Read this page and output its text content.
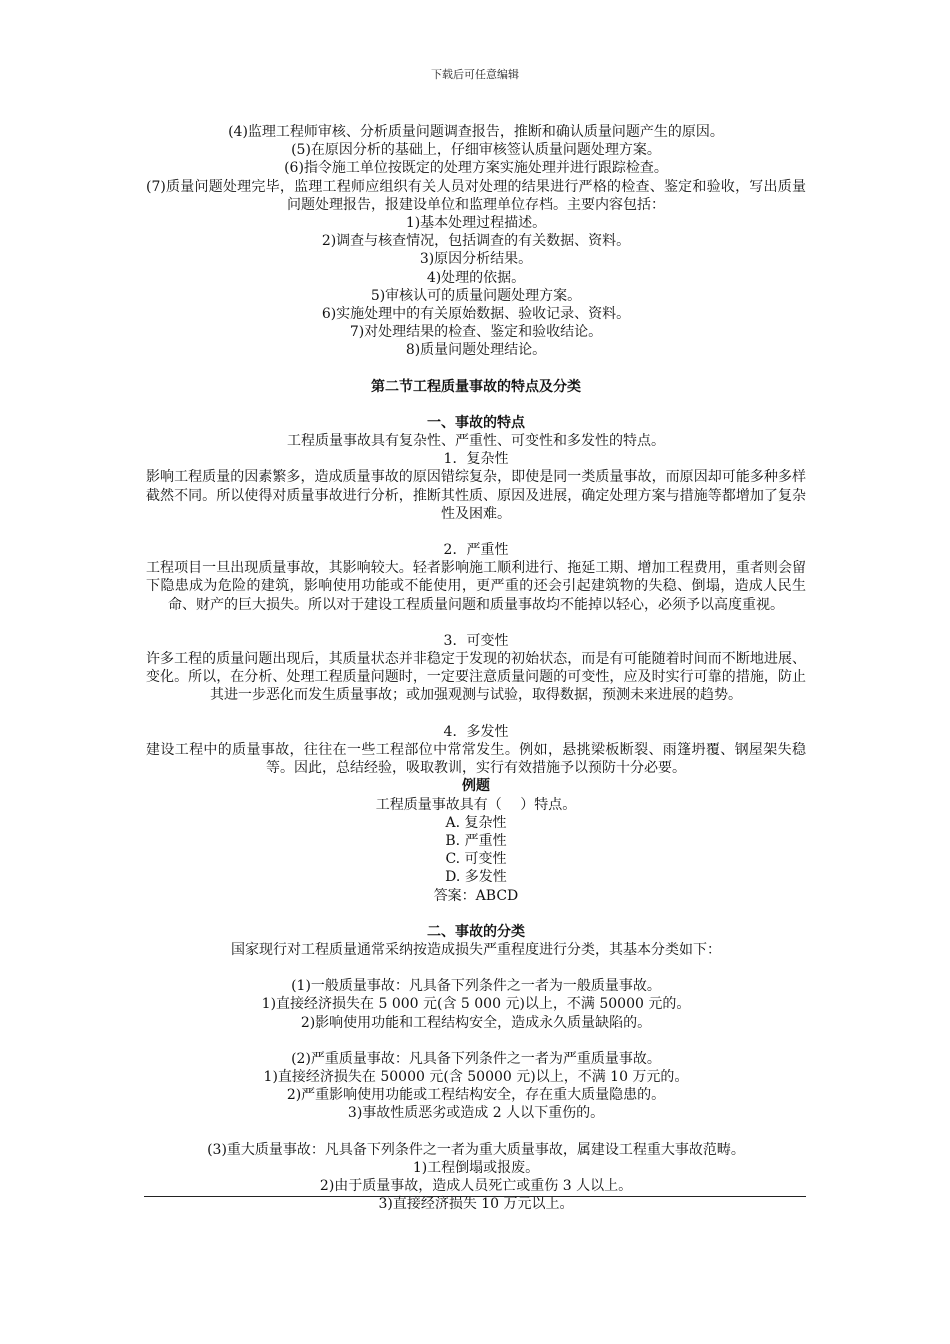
下载后可任意编辑

(4)监理工程师审核、分析质量问题调查报告，推断和确认质量问题产生的原因。

(5)在原因分析的基础上，仔细审核签认质量问题处理方案。

(6)指令施工单位按既定的处理方案实施处理并进行跟踪检查。

(7)质量问题处理完毕，监理工程师应组织有关人员对处理的结果进行严格的检查、鉴定和验收，写出质量问题处理报告，报建设单位和监理单位存档。主要内容包括：

1)基本处理过程描述。

2)调查与核查情况，包括调查的有关数据、资料。

3)原因分析结果。

4)处理的依据。

5)审核认可的质量问题处理方案。

6)实施处理中的有关原始数据、验收记录、资料。

7)对处理结果的检查、鉴定和验收结论。

8)质量问题处理结论。

第二节工程质量事故的特点及分类

一、事故的特点

工程质量事故具有复杂性、严重性、可变性和多发性的特点。

1．复杂性

影响工程质量的因素繁多，造成质量事故的原因错综复杂，即使是同一类质量事故，而原因却可能多种多样截然不同。所以使得对质量事故进行分析，推断其性质、原因及进展，确定处理方案与措施等都增加了复杂性及困难。

2．严重性

工程项目一旦出现质量事故，其影响较大。轻者影响施工顺利进行、拖延工期、增加工程费用，重者则会留下隐患成为危险的建筑，影响使用功能或不能使用，更严重的还会引起建筑物的失稳、倒塌，造成人民生命、财产的巨大损失。所以对于建设工程质量问题和质量事故均不能掉以轻心，必须予以高度重视。

3．可变性

许多工程的质量问题出现后，其质量状态并非稳定于发现的初始状态，而是有可能随着时间而不断地进展、变化。所以，在分析、处理工程质量问题时，一定要注意质量问题的可变性，应及时实行可靠的措施，防止其进一步恶化而发生质量事故；或加强观测与试验，取得数据，预测未来进展的趋势。

4．多发性

建设工程中的质量事故，往往在一些工程部位中常常发生。例如，悬挑梁板断裂、雨篷坍覆、钢屋架失稳等。因此，总结经验，吸取教训，实行有效措施予以预防十分必要。

例题

工程质量事故具有（　 ）特点。

A. 复杂性

B. 严重性

C. 可变性

D. 多发性

答案：ABCD

二、事故的分类

国家现行对工程质量通常采纳按造成损失严重程度进行分类，其基本分类如下：

(1)一般质量事故：凡具备下列条件之一者为一般质量事故。

1)直接经济损失在 5 000 元(含 5 000 元)以上，不满 50000 元的。

2)影响使用功能和工程结构安全，造成永久质量缺陷的。

(2)严重质量事故：凡具备下列条件之一者为严重质量事故。

1)直接经济损失在 50000 元(含 50000 元)以上，不满 10 万元的。

2)严重影响使用功能或工程结构安全，存在重大质量隐患的。

3)事故性质恶劣或造成 2 人以下重伤的。

(3)重大质量事故：凡具备下列条件之一者为重大质量事故，属建设工程重大事故范畴。

1)工程倒塌或报废。

2)由于质量事故，造成人员死亡或重伤 3 人以上。

3)直接经济损失 10 万元以上。
